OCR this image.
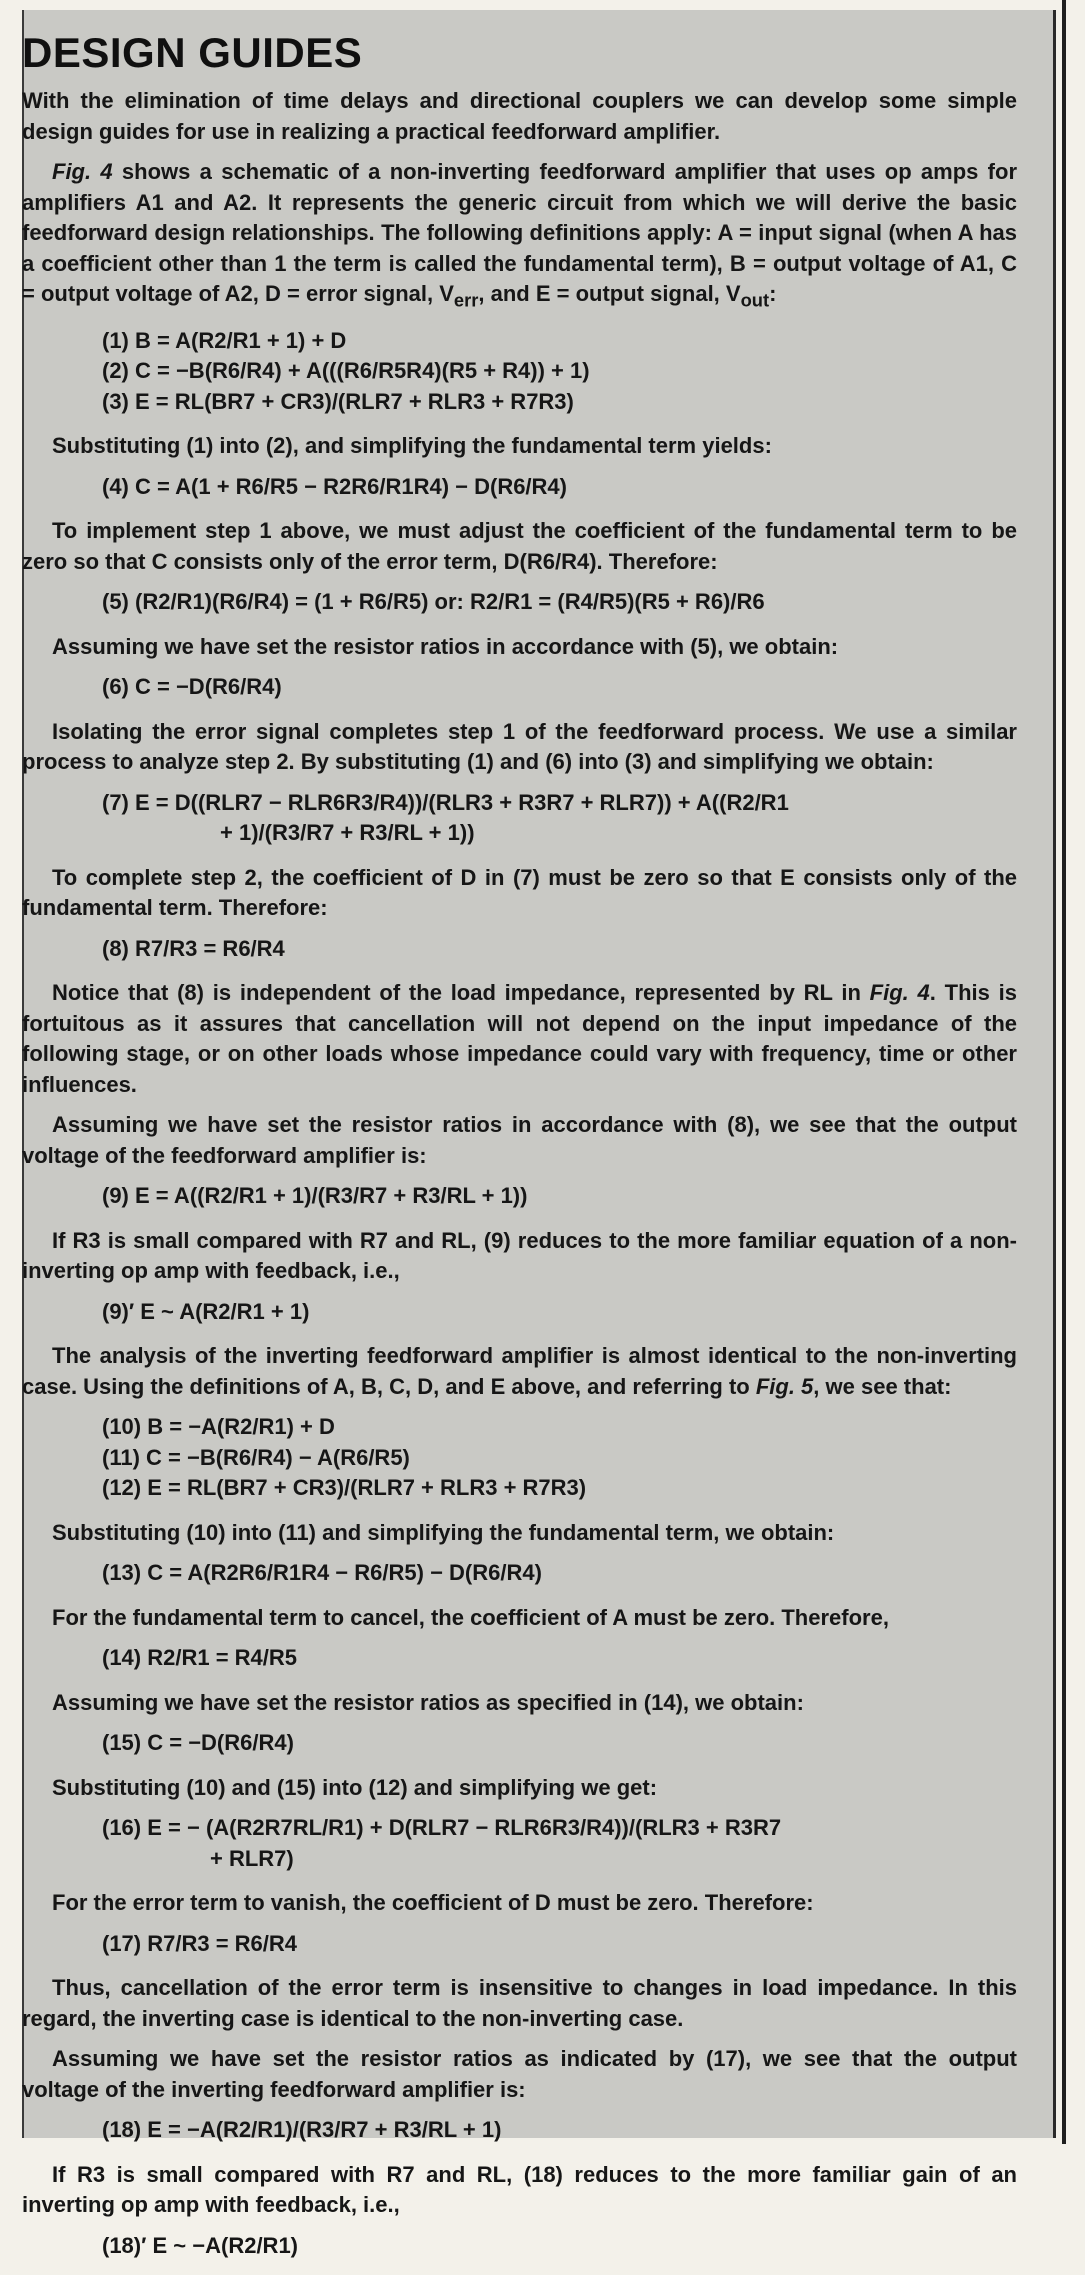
DESIGN GUIDES

With the elimination of time delays and directional couplers we can develop some simple design guides for use in realizing a practical feedforward amplifier.

Fig. 4 shows a schematic of a non-inverting feedforward amplifier that uses op amps for amplifiers A1 and A2. It represents the generic circuit from which we will derive the basic feedforward design relationships. The following definitions apply: A = input signal (when A has a coefficient other than 1 the term is called the fundamental term), B = output voltage of A1, C = output voltage of A2, D = error signal, $V_{err}$, and E = output signal, $V_{out}$:

(1) B = A(R2/R1 + 1) + D
(2) C = −B(R6/R4) + A(((R6/R5R4)(R5 + R4)) + 1)
(3) E = RL(BR7 + CR3)/(RLR7 + RLR3 + R7R3)

Substituting (1) into (2), and simplifying the fundamental term yields:

(4) C = A(1 + R6/R5 − R2R6/R1R4) − D(R6/R4)

To implement step 1 above, we must adjust the coefficient of the fundamental term to be zero so that C consists only of the error term, D(R6/R4). Therefore:

(5) (R2/R1)(R6/R4) = (1 + R6/R5) or: R2/R1 = (R4/R5)(R5 + R6)/R6

Assuming we have set the resistor ratios in accordance with (5), we obtain:

(6) C = −D(R6/R4)

Isolating the error signal completes step 1 of the feedforward process. We use a similar process to analyze step 2. By substituting (1) and (6) into (3) and simplifying we obtain:

(7) E = D((RLR7 − RLR6R3/R4))/(RLR3 + R3R7 + RLR7)) + A((R2/R1
+ 1)/(R3/R7 + R3/RL + 1))

To complete step 2, the coefficient of D in (7) must be zero so that E consists only of the fundamental term. Therefore:

(8) R7/R3 = R6/R4

Notice that (8) is independent of the load impedance, represented by RL in Fig. 4. This is fortuitous as it assures that cancellation will not depend on the input impedance of the following stage, or on other loads whose impedance could vary with frequency, time or other influences.

Assuming we have set the resistor ratios in accordance with (8), we see that the output voltage of the feedforward amplifier is:

(9) E = A((R2/R1 + 1)/(R3/R7 + R3/RL + 1))

If R3 is small compared with R7 and RL, (9) reduces to the more familiar equation of a non-inverting op amp with feedback, i.e.,

(9)′ E ~ A(R2/R1 + 1)

The analysis of the inverting feedforward amplifier is almost identical to the non-inverting case. Using the definitions of A, B, C, D, and E above, and referring to Fig. 5, we see that:

(10) B = −A(R2/R1) + D
(11) C = −B(R6/R4) − A(R6/R5)
(12) E = RL(BR7 + CR3)/(RLR7 + RLR3 + R7R3)

Substituting (10) into (11) and simplifying the fundamental term, we obtain:

(13) C = A(R2R6/R1R4 − R6/R5) − D(R6/R4)

For the fundamental term to cancel, the coefficient of A must be zero. Therefore,

(14) R2/R1 = R4/R5

Assuming we have set the resistor ratios as specified in (14), we obtain:

(15) C = −D(R6/R4)

Substituting (10) and (15) into (12) and simplifying we get:

(16) E = − (A(R2R7RL/R1) + D(RLR7 − RLR6R3/R4))/(RLR3 + R3R7
+ RLR7)

For the error term to vanish, the coefficient of D must be zero. Therefore:

(17) R7/R3 = R6/R4

Thus, cancellation of the error term is insensitive to changes in load impedance. In this regard, the inverting case is identical to the non-inverting case.

Assuming we have set the resistor ratios as indicated by (17), we see that the output voltage of the inverting feedforward amplifier is:

(18) E = −A(R2/R1)/(R3/R7 + R3/RL + 1)

If R3 is small compared with R7 and RL, (18) reduces to the more familiar gain of an inverting op amp with feedback, i.e.,

(18)′ E ~ −A(R2/R1)
